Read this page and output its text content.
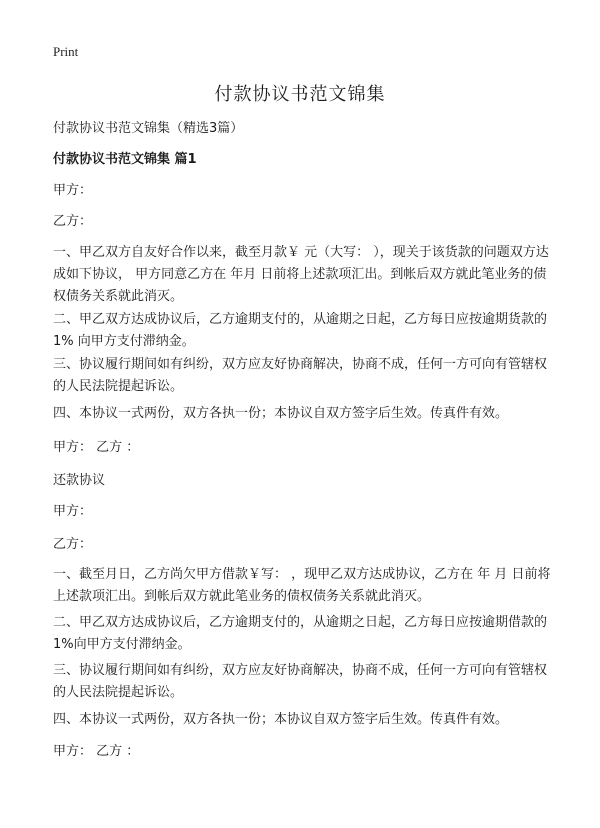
Print
付款协议书范文锦集
付款协议书范文锦集（精选3篇）
付款协议书范文锦集 篇1
甲方：
乙方：
一、甲乙双方自友好合作以来，截至月款￥ 元（大写： ），现关于该货款的问题双方达成如下协议， 甲方同意乙方在 年月 日前将上述款项汇出。到帐后双方就此笔业务的债权债务关系就此消灭。
二、甲乙双方达成协议后，乙方逾期支付的，从逾期之日起，乙方每日应按逾期货款的 1% 向甲方支付滞纳金。
三、协议履行期间如有纠纷，双方应友好协商解决，协商不成，任何一方可向有管辖权的人民法院提起诉讼。
四、本协议一式两份，双方各执一份；本协议自双方签字后生效。传真件有效。
甲方： 乙方 ：
还款协议
甲方：
乙方：
一、截至月日，乙方尚欠甲方借款￥写： ，现甲乙双方达成协议，乙方在 年 月 日前将上述款项汇出。到帐后双方就此笔业务的债权债务关系就此消灭。
二、甲乙双方达成协议后，乙方逾期支付的，从逾期之日起，乙方每日应按逾期借款的1%向甲方支付滞纳金。
三、协议履行期间如有纠纷，双方应友好协商解决，协商不成，任何一方可向有管辖权的人民法院提起诉讼。
四、本协议一式两份，双方各执一份；本协议自双方签字后生效。传真件有效。
甲方： 乙方 ：
